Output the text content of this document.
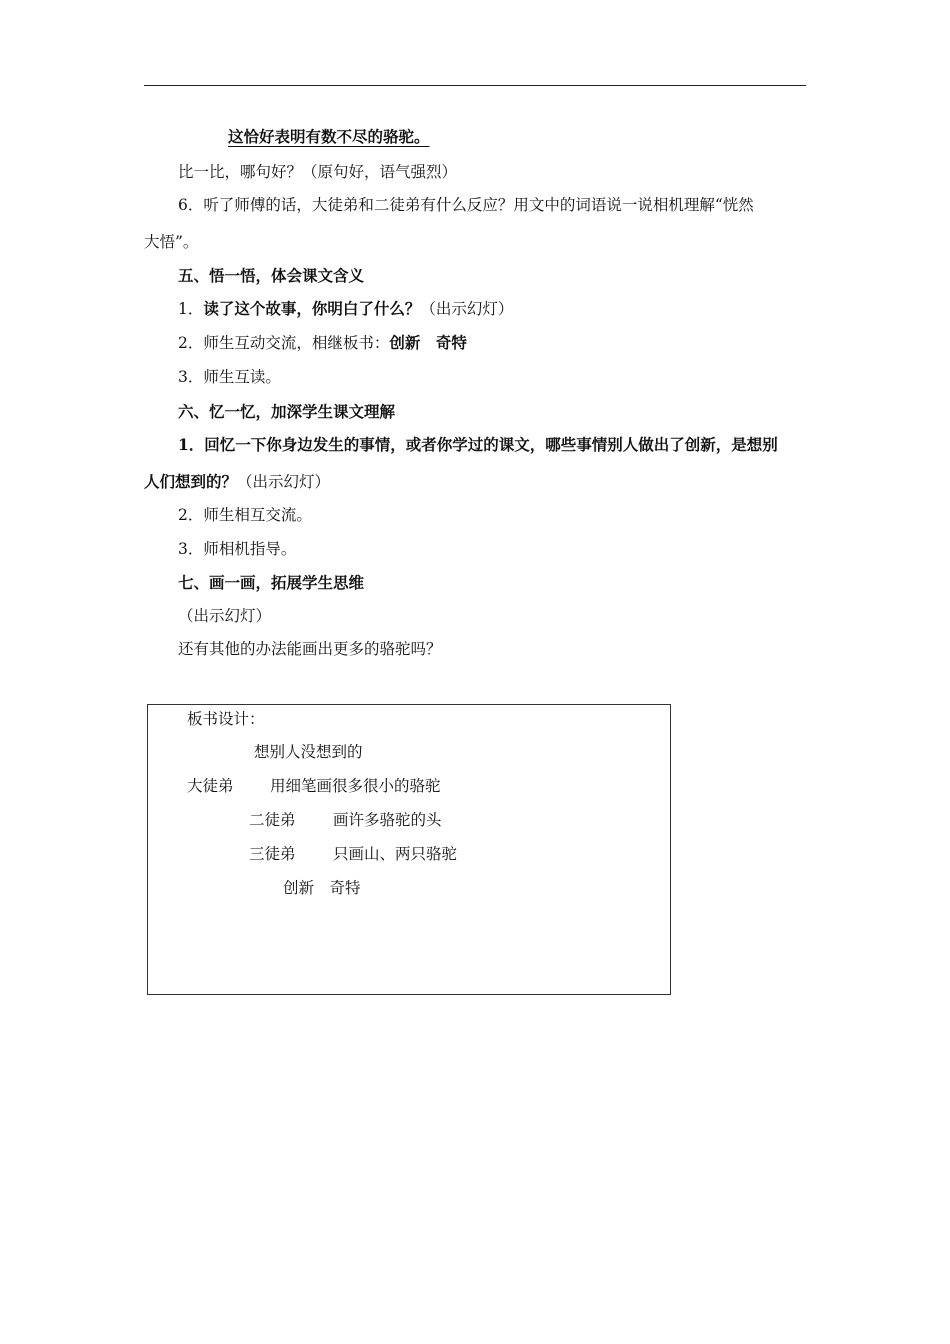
这恰好表明有数不尽的骆驼。
比一比，哪句好？（原句好，语气强烈）
6．听了师傅的话，大徒弟和二徒弟有什么反应？用文中的词语说一说相机理解“恍然
大悟”。
五、悟一悟，体会课文含义
1．读了这个故事，你明白了什么？（出示幻灯）
2．师生互动交流，相继板书：创新　奇特
3．师生互读。
六、忆一忆，加深学生课文理解
1．回忆一下你身边发生的事情，或者你学过的课文，哪些事情别人做出了创新，是想别
人们想到的？（出示幻灯）
2．师生相互交流。
3．师相机指导。
七、画一画，拓展学生思维
（出示幻灯）
还有其他的办法能画出更多的骆驼吗？
板书设计：
想别人没想到的
大徒弟 用细笔画很多很小的骆驼
二徒弟 画许多骆驼的头
三徒弟 只画山、两只骆驼
创新　奇特
